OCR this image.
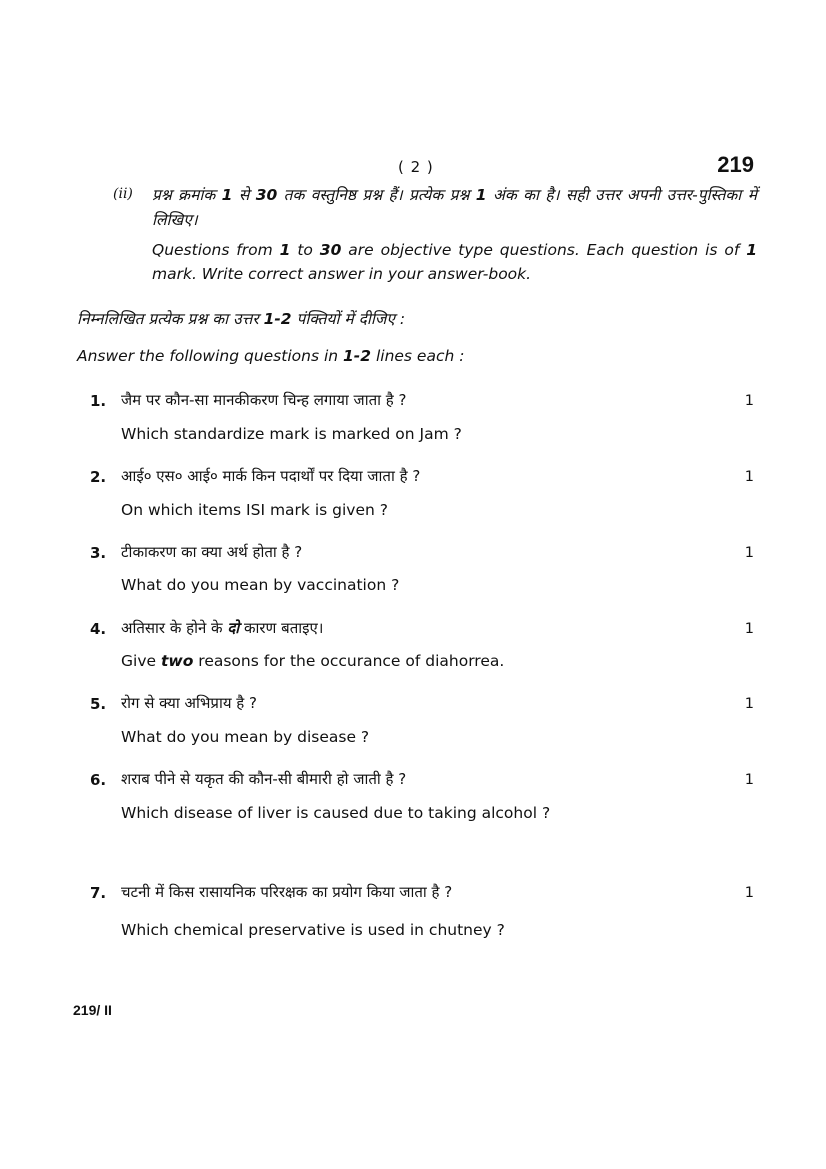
( 2 )	219
(ii) प्रश्न क्रमांक 1 से 30 तक वस्तुनिष्ठ प्रश्न हैं। प्रत्येक प्रश्न 1 अंक का है। सही उत्तर अपनी उत्तर-पुस्तिका में लिखिए।
Questions from 1 to 30 are objective type questions. Each question is of 1 mark. Write correct answer in your answer-book.
निम्नलिखित प्रत्येक प्रश्न का उत्तर 1-2 पंक्तियों में दीजिए :
Answer the following questions in 1-2 lines each :
1. जैम पर कौन-सा मानकीकरण चिन्ह लगाया जाता है ?	1
Which standardize mark is marked on Jam ?
2. आई० एस० आई० मार्क किन पदार्थों पर दिया जाता है ?	1
On which items ISI mark is given ?
3. टीकाकरण का क्या अर्थ होता है ?	1
What do you mean by vaccination ?
4. अतिसार के होने के दो कारण बताइए।	1
Give two reasons for the occurance of diahorrea.
5. रोग से क्या अभिप्राय है ?	1
What do you mean by disease ?
6. शराब पीने से यकृत की कौन-सी बीमारी हो जाती है ?	1
Which disease of liver is caused due to taking alcohol ?
7. चटनी में किस रासायनिक परिरक्षक का प्रयोग किया जाता है ?	1
Which chemical preservative is used in chutney ?
219/ II
